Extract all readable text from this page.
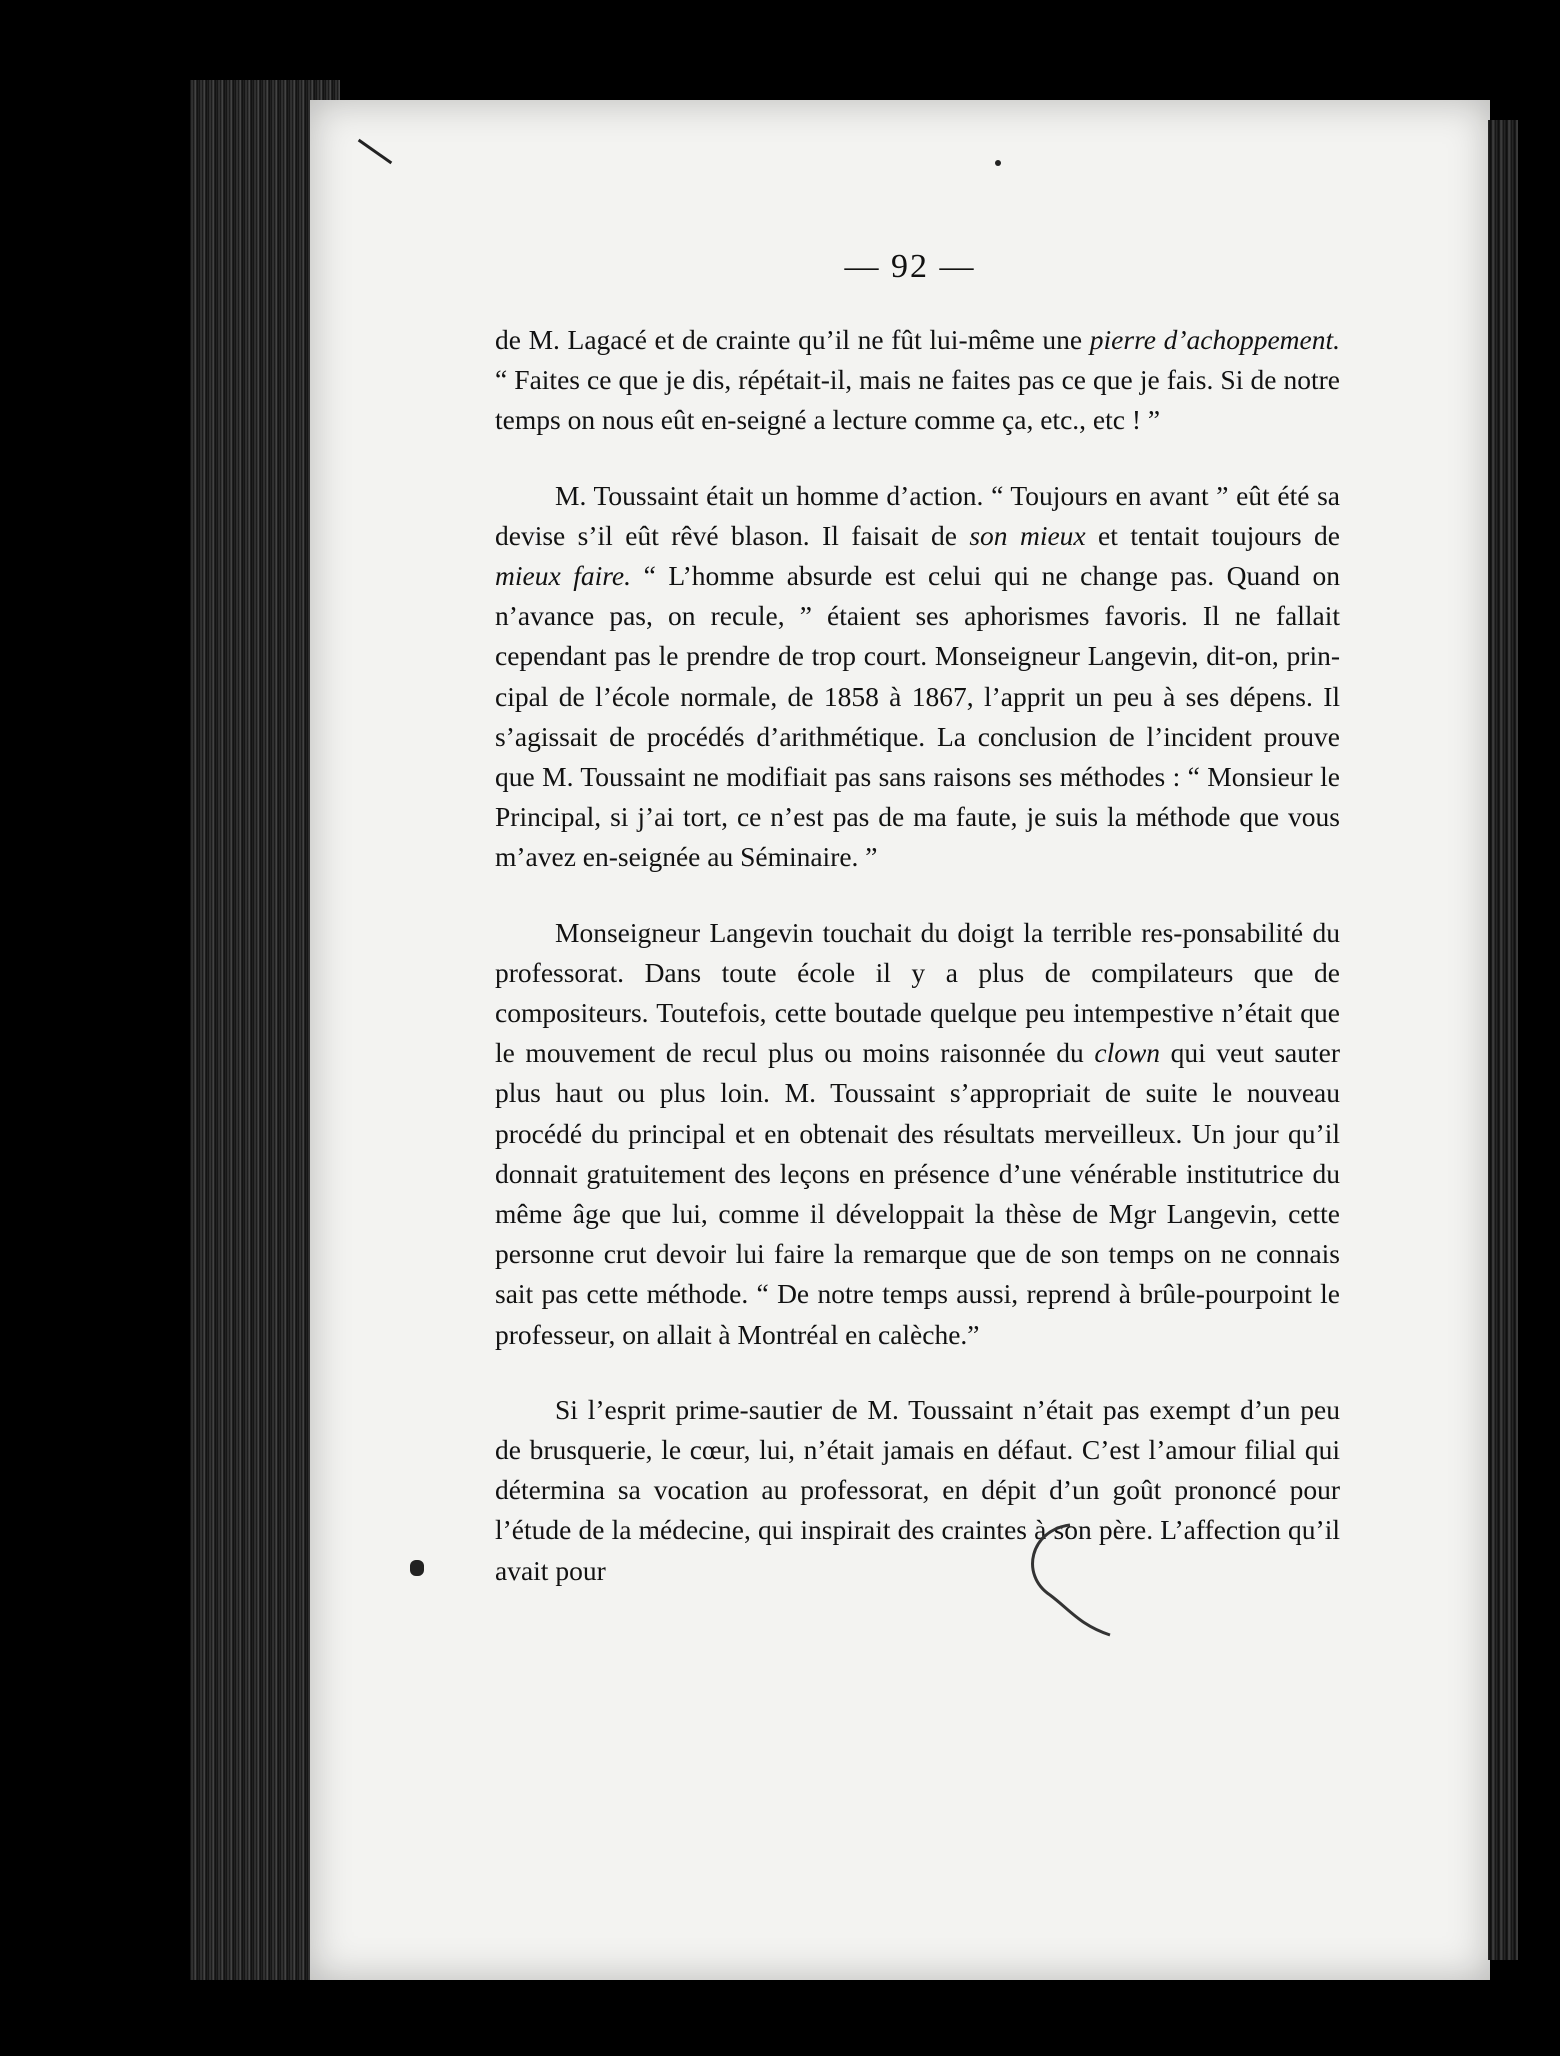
— 92 —

de M. Lagacé et de crainte qu’il ne fût lui-même une pierre d’achoppement. “ Faites ce que je dis, répétait-il, mais ne faites pas ce que je fais. Si de notre temps on nous eût en-seigné a lecture comme ça, etc., etc ! ”

M. Toussaint était un homme d’action. “ Toujours en avant ” eût été sa devise s’il eût rêvé blason. Il faisait de son mieux et tentait toujours de mieux faire. “ L’homme absurde est celui qui ne change pas. Quand on n’avance pas, on recule, ” étaient ses aphorismes favoris. Il ne fallait cependant pas le prendre de trop court. Monseigneur Langevin, dit-on, prin-cipal de l’école normale, de 1858 à 1867, l’apprit un peu à ses dépens. Il s’agissait de procédés d’arithmétique. La conclusion de l’incident prouve que M. Toussaint ne modifiait pas sans raisons ses méthodes : “ Monsieur le Principal, si j’ai tort, ce n’est pas de ma faute, je suis la méthode que vous m’avez en-seignée au Séminaire. ”

Monseigneur Langevin touchait du doigt la terrible res-ponsabilité du professorat. Dans toute école il y a plus de compilateurs que de compositeurs. Toutefois, cette boutade quelque peu intempestive n’était que le mouvement de recul plus ou moins raisonnée du clown qui veut sauter plus haut ou plus loin. M. Toussaint s’appropriait de suite le nouveau procédé du principal et en obtenait des résultats merveilleux. Un jour qu’il donnait gratuitement des leçons en présence d’une vénérable institutrice du même âge que lui, comme il développait la thèse de Mgr Langevin, cette personne crut devoir lui faire la remarque que de son temps on ne connais sait pas cette méthode. “ De notre temps aussi, reprend à brûle-pourpoint le professeur, on allait à Montréal en calèche.”

Si l’esprit prime-sautier de M. Toussaint n’était pas exempt d’un peu de brusquerie, le cœur, lui, n’était jamais en défaut. C’est l’amour filial qui détermina sa vocation au professorat, en dépit d’un goût prononcé pour l’étude de la médecine, qui inspirait des craintes à son père. L’affection qu’il avait pour
